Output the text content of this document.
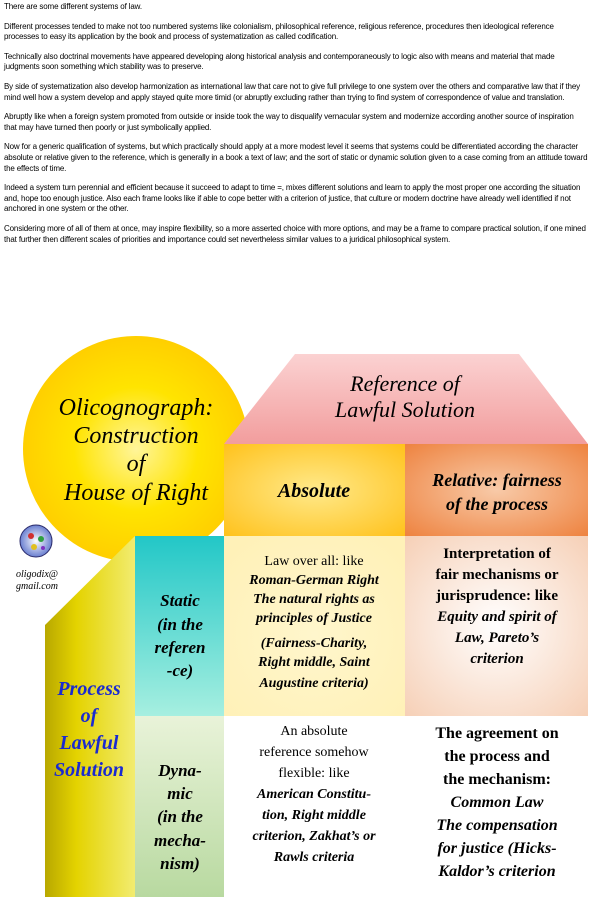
There are some different systems of law.

Different processes tended to make not too numbered systems like colonialism, philosophical reference, religious reference, procedures then ideological reference processes to easy its application by the book and process of systematization as called codification.

Technically also doctrinal movements have appeared developing along historical analysis and contemporaneously to logic also with means and material that made judgments soon something which stability was to preserve.

By side of systematization also develop harmonization as international law that care not to give full privilege to one system over the others and comparative law that if they mind well how a system develop and apply stayed quite more timid (or abruptly excluding rather than trying to find system of correspondence of value and translation.

Abruptly like when a foreign system promoted from outside or inside took the way to disqualify vernacular system and modernize according another source of inspiration that may have turned then poorly or just symbolically applied.

Now for a generic qualification of systems, but which practically should apply at a more modest level it seems that systems could be differentiated according the character absolute or relative given to the reference, which is generally in a book a text of law; and the sort of static or dynamic solution given to a case coming from an attitude toward the effects of time.

Indeed a system turn perennial and efficient because it succeed to adapt to time =, mixes different solutions and learn to apply the most proper one according the situation and, hope too enough justice. Also each frame looks like if able to cope better with a criterion of justice, that culture or modern doctrine have already well identified if not anchored in one system or the other.

Considering more of all of them at once, may inspire flexibility, so a more asserted choice with more options, and may be a frame to compare practical solution, if one mined that further then different scales of priorities and importance could set nevertheless similar values to a juridical philosophical system.

Olicognograph:
Construction
of
House of Right
Reference of
Lawful Solution
Absolute	Relative: fairness
of the process
Static
(in the
referen
-ce)
Dyna-
mic
(in the
mecha-
nism)
Process
of
Lawful
Solution
oligodix@
gmail.com
Law over all: like
Roman-German Right
The natural rights as
principles of Justice
(Fairness-Charity,
Right middle, Saint
Augustine criteria)
Interpretation of
fair mechanisms or
jurisprudence: like
Equity and spirit of
Law, Pareto’s
criterion
An absolute
reference somehow
flexible: like
American Constitu-
tion, Right middle
criterion, Zakhat’s or
Rawls criteria
The agreement on
the process and
the mechanism:
Common Law
The compensation
for justice (Hicks-
Kaldor’s criterion
